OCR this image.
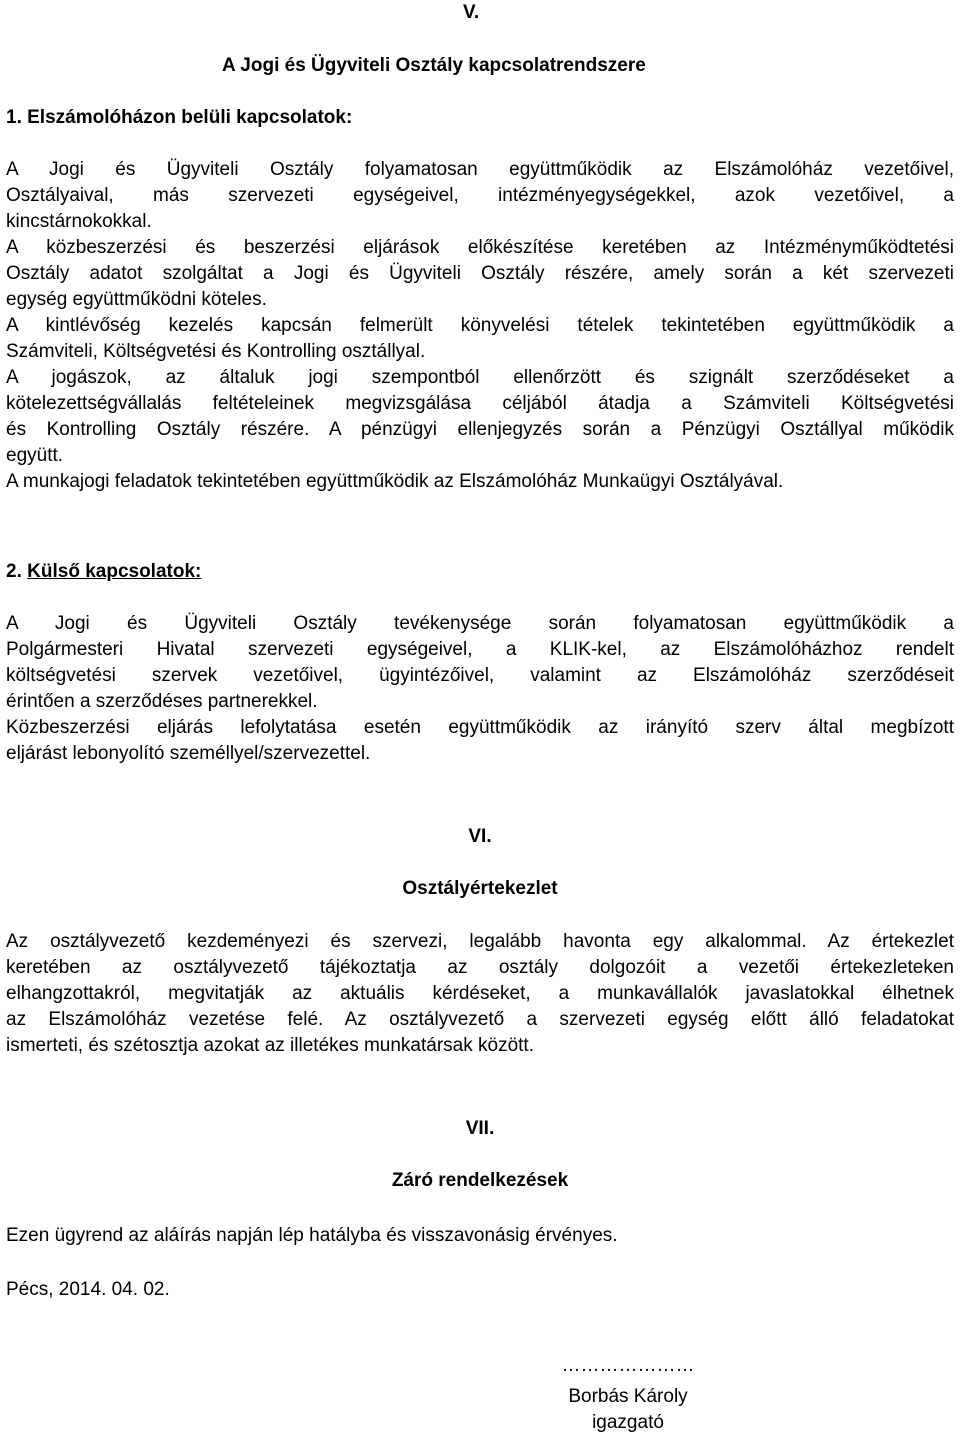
V.
A Jogi és Ügyviteli Osztály kapcsolatrendszere
1. Elszámolóházon belüli kapcsolatok:
A Jogi és Ügyviteli Osztály folyamatosan együttműködik az Elszámolóház vezetőivel,
Osztályaival, más szervezeti egységeivel, intézményegységekkel, azok vezetőivel, a
kincstárnokokkal.
A közbeszerzési és beszerzési eljárások előkészítése keretében az Intézményműködtetési
Osztály adatot szolgáltat a Jogi és Ügyviteli Osztály részére, amely során a két szervezeti
egység együttműködni köteles.
A kintlévőség kezelés kapcsán felmerült könyvelési tételek tekintetében együttműködik a
Számviteli, Költségvetési és Kontrolling osztállyal.
A jogászok, az általuk jogi szempontból ellenőrzött és szignált szerződéseket a
kötelezettségvállalás feltételeinek megvizsgálása céljából átadja a Számviteli Költségvetési
és Kontrolling Osztály részére. A pénzügyi ellenjegyzés során a Pénzügyi Osztállyal működik
együtt.
A munkajogi feladatok tekintetében együttműködik az Elszámolóház Munkaügyi Osztályával.
2. Külső kapcsolatok:
A Jogi és Ügyviteli Osztály tevékenysége során folyamatosan együttműködik a
Polgármesteri Hivatal szervezeti egységeivel, a KLIK-kel, az Elszámolóházhoz rendelt
költségvetési szervek vezetőivel, ügyintézőivel, valamint az Elszámolóház szerződéseit
érintően a szerződéses partnerekkel.
Közbeszerzési eljárás lefolytatása esetén együttműködik az irányító szerv által megbízott
eljárást lebonyolító személlyel/szervezettel.
VI.
Osztályértekezlet
Az osztályvezető kezdeményezi és szervezi, legalább havonta egy alkalommal. Az értekezlet
keretében az osztályvezető tájékoztatja az osztály dolgozóit a vezetői értekezleteken
elhangzottakról, megvitatják az aktuális kérdéseket, a munkavállalók javaslatokkal élhetnek
az Elszámolóház vezetése felé. Az osztályvezető a szervezeti egység előtt álló feladatokat
ismerteti, és szétosztja azokat az illetékes munkatársak között.
VII.
Záró rendelkezések
Ezen ügyrend az aláírás napján lép hatályba és visszavonásig érvényes.
Pécs, 2014. 04. 02.
…………………
Borbás Károly
igazgató
